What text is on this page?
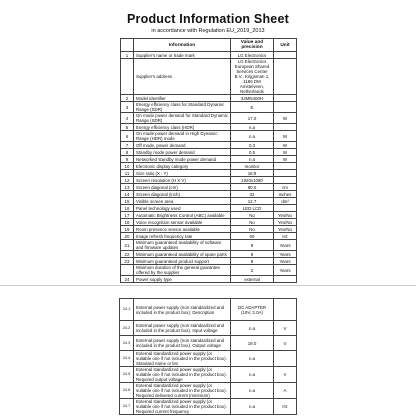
Product Information Sheet
in accordance with Regulation EU_2019_2013
	Information	Value and precision	Unit
1	Supplier's name or trade mark	LG Electronics	
	Supplier's address	LG Electronics European Shared Services Center B.V., Krijgsman 1, 1186 DM Amstelveen, Netherlands	
2	Model identifier	32MN400H	
3	Energy efficiency class for Standard Dynamic Range (SDR)	E	
4	On mode power demand for Standard Dynamic Range (SDR)	17.0	W
5	Energy efficiency class (HDR)	n.a	
6	On mode power demand in High Dynamic Range (HDR) mode	n.a	W
7	Off mode, power demand	0.3	W
8	Standby mode power demand	0.5	W
9	Networked standby mode power demand	n.a	W
10	Electronic display category	monitor	
11	Size ratio (X : Y)	16:9	
12	Screen resolution (H X V)	1920x1080	
13	Screen diagonal (cm)	80.0	cm
14	Screen diagonal (inch)	32	inches
15	Visible screen area	12.7	dm²
16	Panel technology used	LED LCD	
17	Automatic Brightness Control (ABC) available	No	Yes/No
18	Voice recognition sensor available	No	Yes/No
19	Room presence sensor available	No	Yes/No
20	Image refresh frequency rate	60	Hz
21	Minimum guaranteed availability of software and firmware updates	8	Years
22	Minimum guaranteed availability of spare parts	8	Years
23	Minimum guaranteed product support	8	Years
	Minimum duration of the general guarantee offered by the supplier	2	Years
24	Power supply type	external	
24.1	External power supply (non standardized and included in the product box). Description	DC ADAPTER (19V, 2.0A)	
24.2	External power supply (non standardized and included in the product box). Input voltage	n.a	V
24.3	External power supply (non standardized and included in the product box). Output voltage	19.0	V
24.4	External standardized power supply (or suitable one if not included in the product box). Standard name or list	n.a	
24.5	External standardized power supply (or suitable one if not included in the product box). Required output voltage	n.a	V
24.6	External standardized power supply (or suitable one if not included in the product box). Required delivered current (minimum)	n.a	A
24.7	External standardized power supply (or suitable one if not included in the product box). Required current frequency	n.a	Hz
